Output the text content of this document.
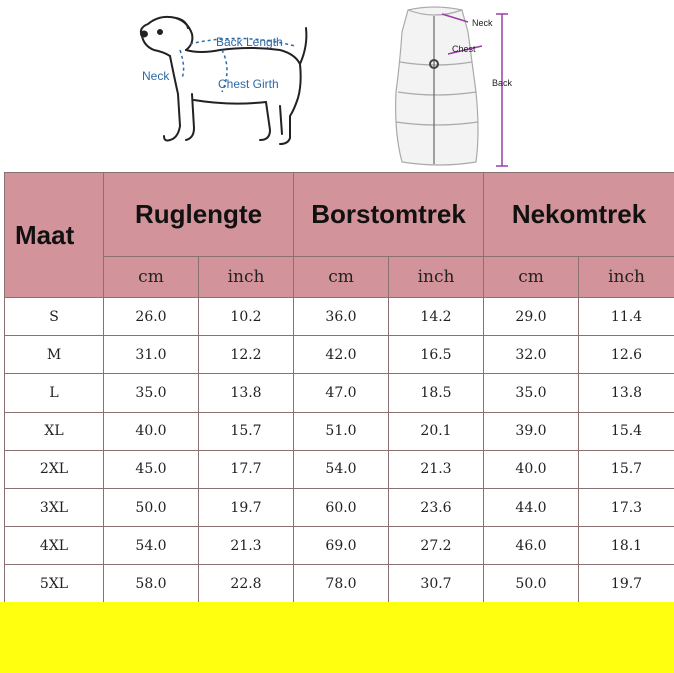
Back Length
Neck
Chest Girth
Neck
Chest
Back
Maat	Ruglengte		Borstomtrek		Nekomtrek	
	cm	inch	cm	inch	cm	inch
S	26.0	10.2	36.0	14.2	29.0	11.4
M	31.0	12.2	42.0	16.5	32.0	12.6
L	35.0	13.8	47.0	18.5	35.0	13.8
XL	40.0	15.7	51.0	20.1	39.0	15.4
2XL	45.0	17.7	54.0	21.3	40.0	15.7
3XL	50.0	19.7	60.0	23.6	44.0	17.3
4XL	54.0	21.3	69.0	27.2	46.0	18.1
5XL	58.0	22.8	78.0	30.7	50.0	19.7
